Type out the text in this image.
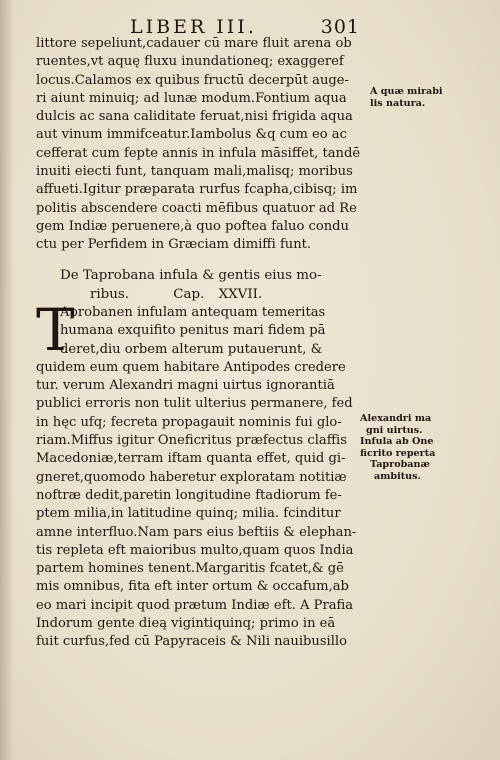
LIBER III.	301
littore sepeliunt,cadauer cū mare fluit arena ob
ruentes,vt aquę fluxu inundationeq; exaggeref
locus.Calamos ex quibus fructū decerpūt auge-
ri aiunt minuiq; ad lunæ modum.Fontium aqua
dulcis ac sana caliditate feruat,nisi frigida aqua
aut vinum immifceatur.Iambolus &q cum eo ac
cefferat cum fepte annis in infula māsiffet, tandē
inuiti eiecti funt, tanquam mali,malisq; moribus
affueti.Igitur præparata rurfus fcapha,cibisq; im
politis abscendere coacti mēfibus quatuor ad Re
gem Indiæ peruenere,à quo poftea faluo condu
ctu per Perfidem in Græciam dimiffi funt.
De Taprobana infula & gentis eius mo-
ribus.	Cap. XXVII.
T
Aprobanen infulam antequam temeritas
humana exquifito penitus mari fidem pā
deret,diu orbem alterum putauerunt, &
quidem eum quem habitare Antipodes credere
tur. verum Alexandri magni uirtus ignorantiā
publici erroris non tulit ulterius permanere, fed
in hęc ufq; fecreta propagauit nominis fui glo-
riam.Miffus igitur Oneficritus præfectus claffis
Macedoniæ,terram iftam quanta effet, quid gi-
gneret,quomodo haberetur exploratam notitiæ
noftræ dedit,paretin longitudine ftadiorum fe-
ptem milia,in latitudine quinq; milia. fcinditur
amne interfluo.Nam pars eius beftiis & elephan-
tis repleta eft maioribus multo,quam quos India
partem homines tenent.Margaritis fcatet,& gē
mis omnibus, fita eft inter ortum & occafum,ab
eo mari incipit quod prætum Indiæ eft. A Prafia
Indorum gente dieą vigintiquinq; primo in eā
fuit curfus,fed cū Papyraceis & Nili nauibusillo
A quæ mirabi
lis natura.
Alexandri ma
gni uirtus.
Infula ab One
ficrito reperta
Taprobanæ
ambitus.
